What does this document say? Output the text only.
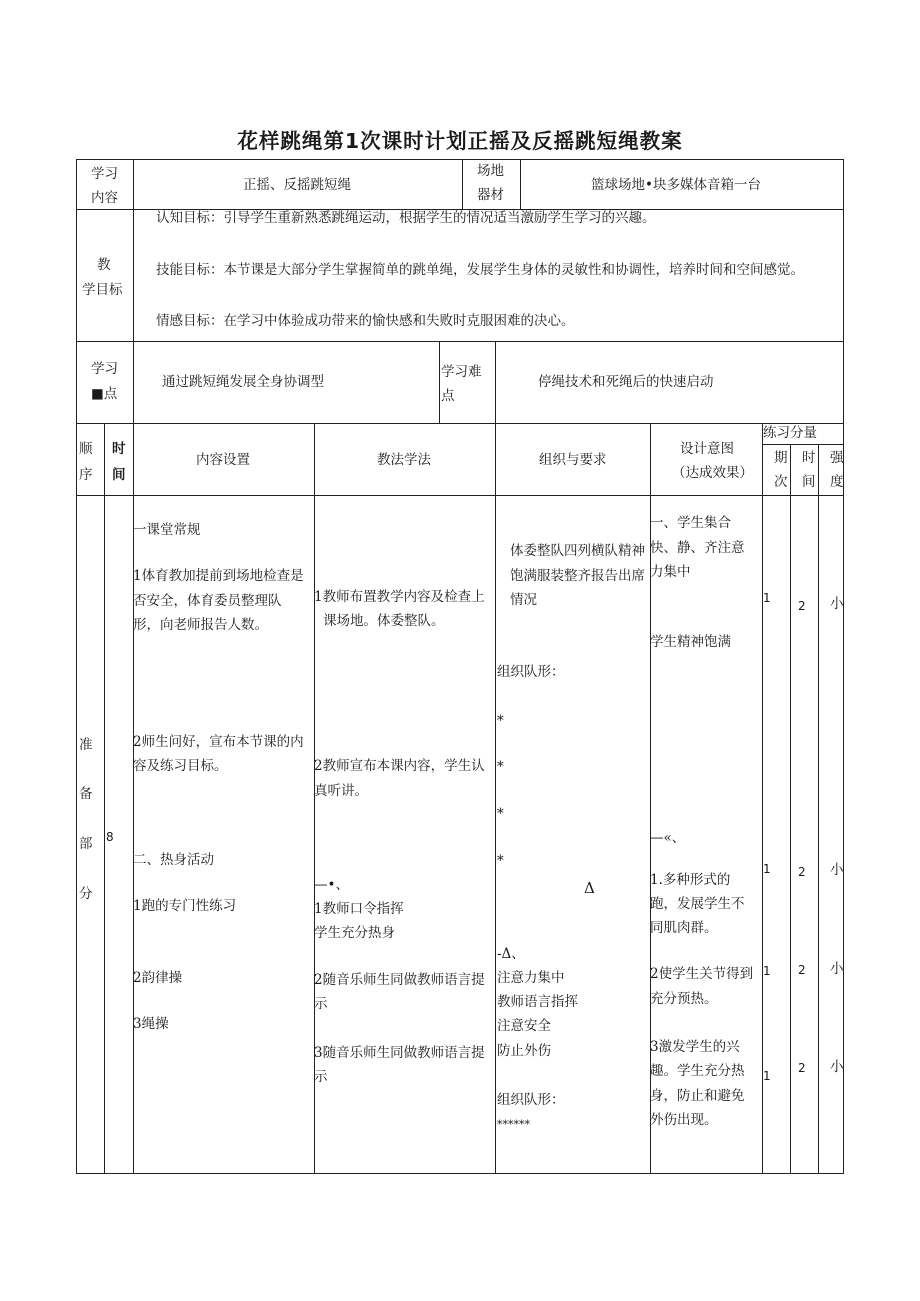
花样跳绳第1次课时计划正摇及反摇跳短绳教案
学习
内容
正摇、反摇跳短绳
场地
器材
篮球场地•块多媒体音箱一台
教
学目标
认知目标：引导学生重新熟悉跳绳运动，根据学生的情况适当激励学生学习的兴趣。
技能目标：本节课是大部分学生掌握简单的跳单绳，发展学生身体的灵敏性和协调性，培养时间和空间感觉。
情感目标：在学习中体验成功带来的愉快感和失败时克服困难的决心。
学习
■点
通过跳短绳发展全身协调型
学习难
点
停绳技术和死绳后的快速启动
顺
序
时
间
内容设置	教法学法	组织与要求
设计意图
（达成效果）
练习分量
期
次
时
间
强
度
准
备
部
分
8
一课堂常规
1体育教加提前到场地检查是
否安全，体育委员整理队
形，向老师报告人数。
2师生问好，宣布本节课的内
容及练习目标。
二、热身活动
1跑的专门性练习
2韵律操
3绳操
1教师布置教学内容及检查上
课场地。体委整队。
2教师宣布本课内容，学生认
真听讲。
—•、
1教师口令指挥
学生充分热身
2随音乐师生同做教师语言提
示
3随音乐师生同做教师语言提
示
体委整队四列横队精神
饱满服装整齐报告出席
情况
组织队形：
*
*
*
*
Δ
-Δ、
注意力集中
教师语言指挥
注意安全
防止外伤
组织队形：
******
一、学生集合
快、静、齐注意
力集中
学生精神饱满
—«、
1.多种形式的
跑，发展学生不
同肌肉群。
2使学生关节得到
充分预热。
3激发学生的兴
趣。学生充分热
身，防止和避免
外伤出现。
1
2 小
1 2 小
1 2 小
1
2 小
